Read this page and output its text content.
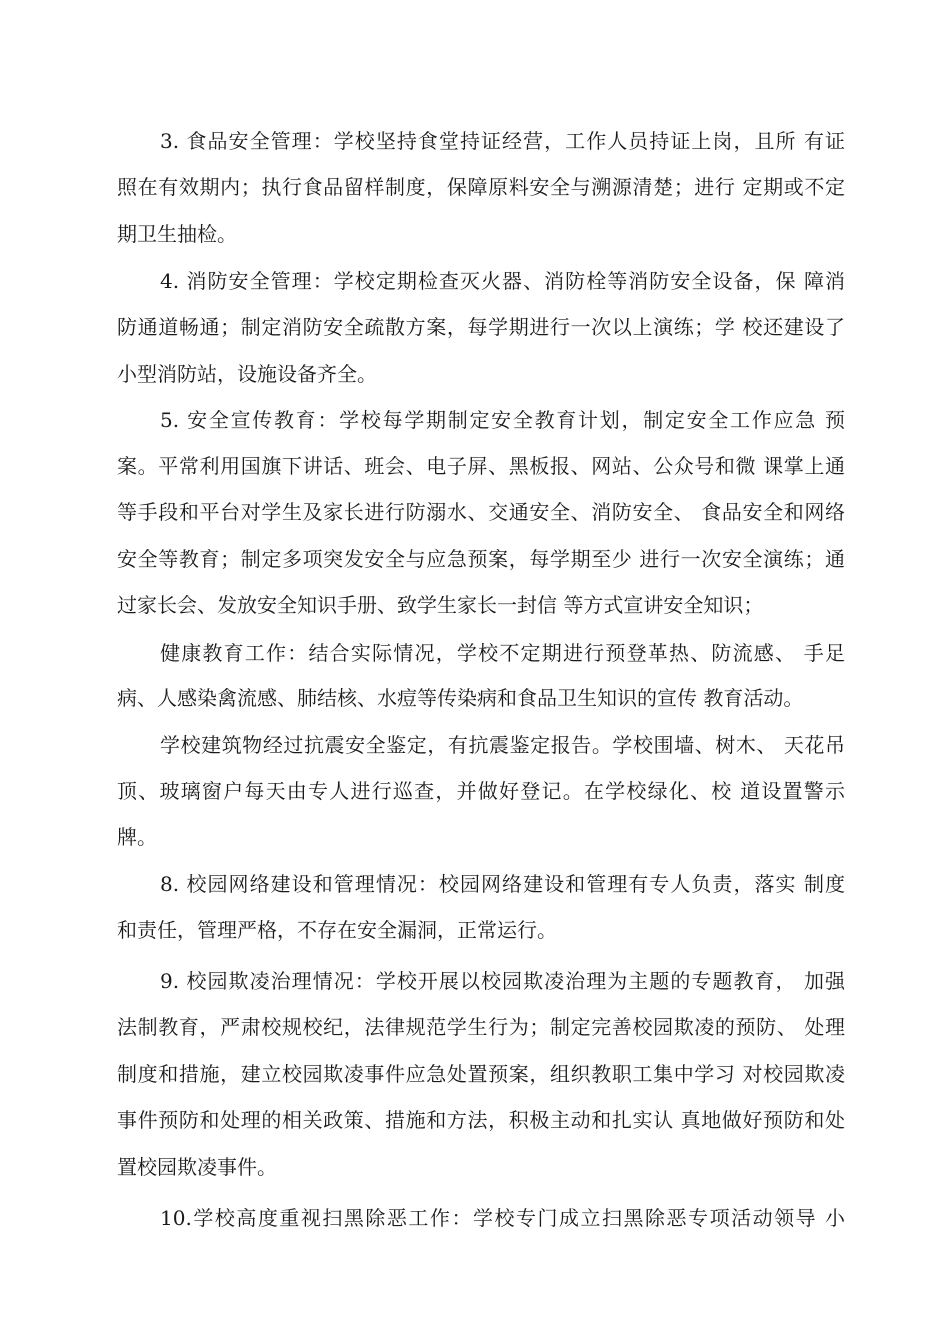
3. 食品安全管理：学校坚持食堂持证经营，工作人员持证上岗，且所 有证
照在有效期内；执行食品留样制度，保障原料安全与溯源清楚；进行 定期或不定
期卫生抽检。
4. 消防安全管理：学校定期检查灭火器、消防栓等消防安全设备，保 障消
防通道畅通；制定消防安全疏散方案，每学期进行一次以上演练；学 校还建设了
小型消防站，设施设备齐全。
5. 安全宣传教育：学校每学期制定安全教育计划，制定安全工作应急 预
案。平常利用国旗下讲话、班会、电子屏、黑板报、网站、公众号和微 课掌上通
等手段和平台对学生及家长进行防溺水、交通安全、消防安全、 食品安全和网络
安全等教育；制定多项突发安全与应急预案，每学期至少 进行一次安全演练；通
过家长会、发放安全知识手册、致学生家长一封信 等方式宣讲安全知识；
健康教育工作：结合实际情况，学校不定期进行预登革热、防流感、 手足
病、人感染禽流感、肺结核、水痘等传染病和食品卫生知识的宣传 教育活动。
学校建筑物经过抗震安全鉴定，有抗震鉴定报告。学校围墙、树木、 天花吊
顶、玻璃窗户每天由专人进行巡查，并做好登记。在学校绿化、校 道设置警示
牌。
8. 校园网络建设和管理情况：校园网络建设和管理有专人负责，落实 制度
和责任，管理严格，不存在安全漏洞，正常运行。
9. 校园欺凌治理情况：学校开展以校园欺凌治理为主题的专题教育， 加强
法制教育，严肃校规校纪，法律规范学生行为；制定完善校园欺凌的预防、 处理
制度和措施，建立校园欺凌事件应急处置预案，组织教职工集中学习 对校园欺凌
事件预防和处理的相关政策、措施和方法，积极主动和扎实认 真地做好预防和处
置校园欺凌事件。
10.学校高度重视扫黑除恶工作：学校专门成立扫黑除恶专项活动领导 小
